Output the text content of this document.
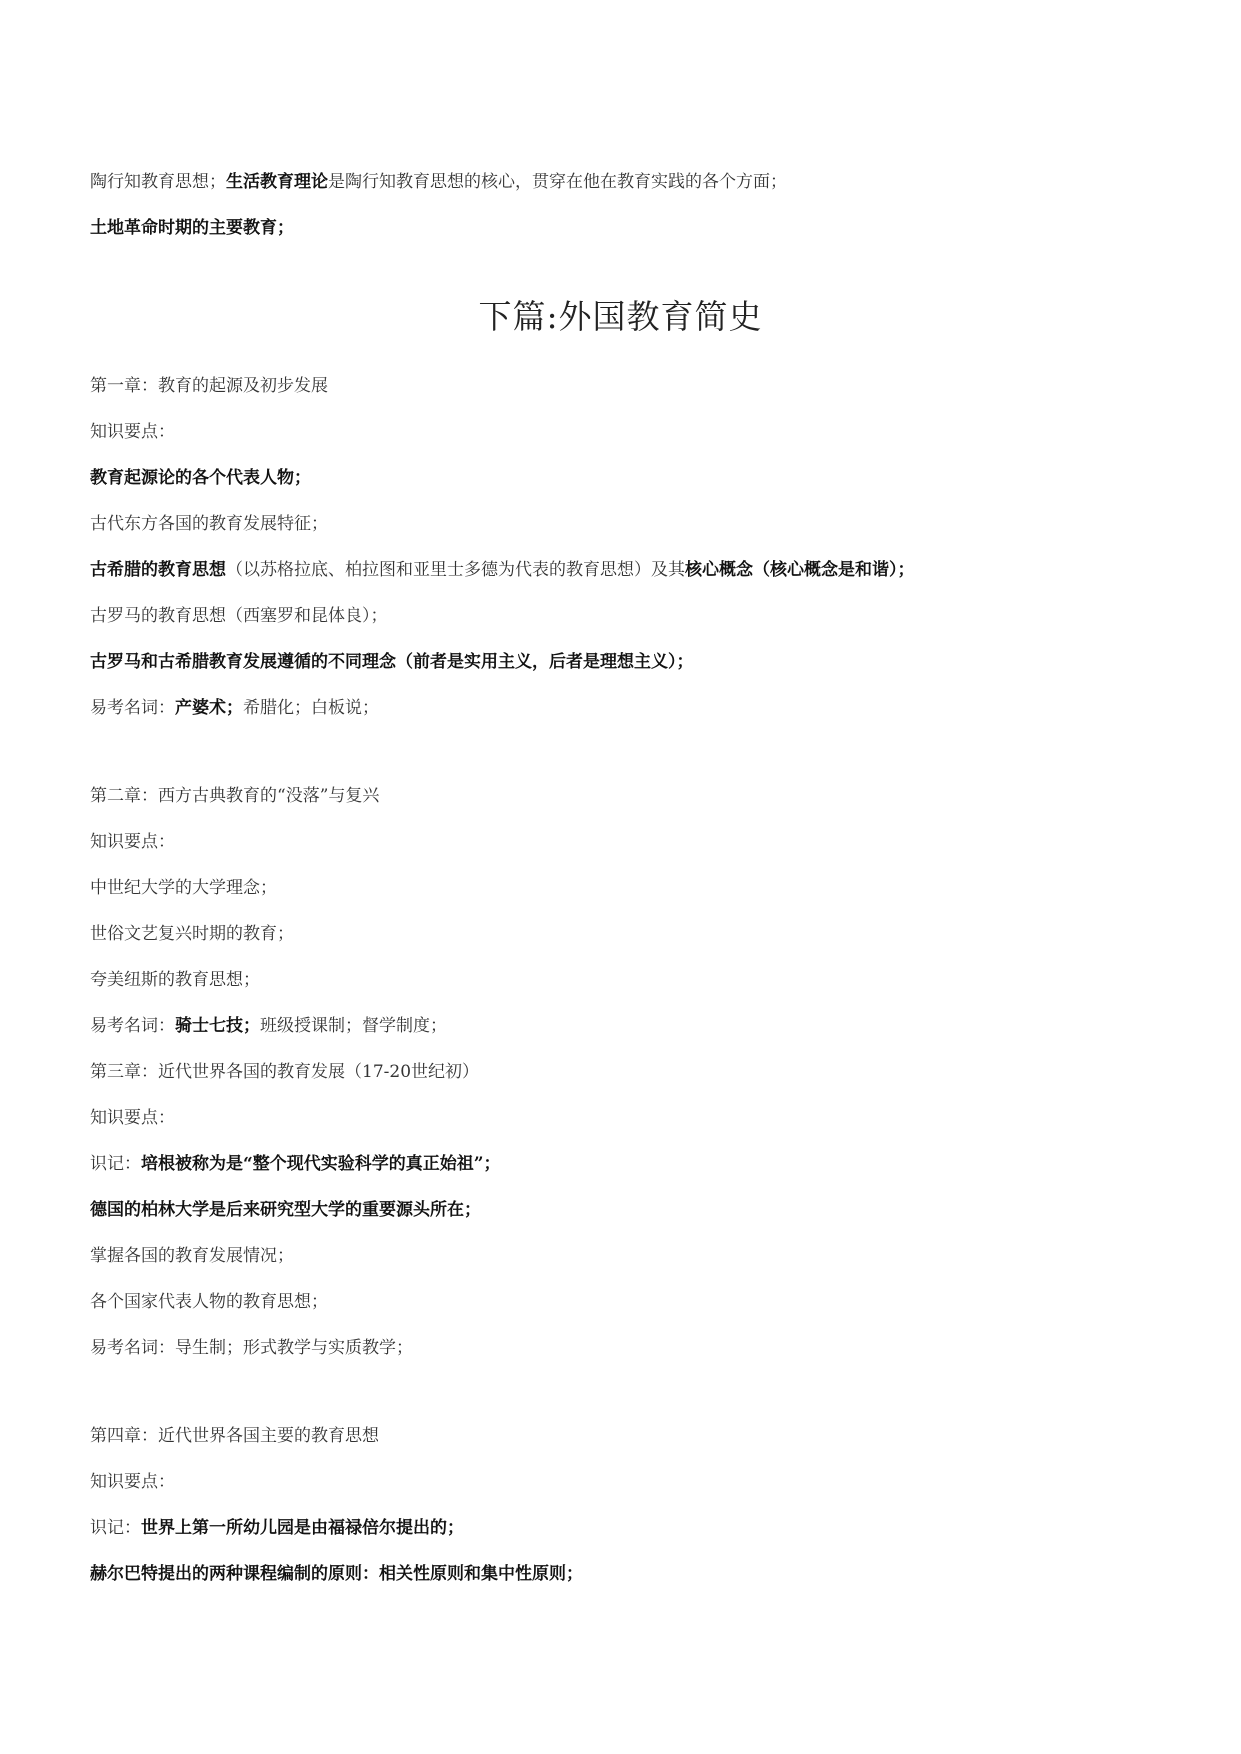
陶行知教育思想；生活教育理论是陶行知教育思想的核心，贯穿在他在教育实践的各个方面；
土地革命时期的主要教育；
下篇:外国教育简史
第一章：教育的起源及初步发展
知识要点：
教育起源论的各个代表人物；
古代东方各国的教育发展特征；
古希腊的教育思想（以苏格拉底、柏拉图和亚里士多德为代表的教育思想）及其核心概念（核心概念是和谐）；
古罗马的教育思想（西塞罗和昆体良）；
古罗马和古希腊教育发展遵循的不同理念（前者是实用主义，后者是理想主义）；
易考名词：产婆术；希腊化；白板说；
第二章：西方古典教育的“没落”与复兴
知识要点：
中世纪大学的大学理念；
世俗文艺复兴时期的教育；
夸美纽斯的教育思想；
易考名词：骑士七技；班级授课制；督学制度；
第三章：近代世界各国的教育发展（17-20世纪初）
知识要点：
识记：培根被称为是“整个现代实验科学的真正始祖”；
德国的柏林大学是后来研究型大学的重要源头所在；
掌握各国的教育发展情况；
各个国家代表人物的教育思想；
易考名词：导生制；形式教学与实质教学；
第四章：近代世界各国主要的教育思想
知识要点：
识记：世界上第一所幼儿园是由福禄倍尔提出的；
赫尔巴特提出的两种课程编制的原则：相关性原则和集中性原则；
